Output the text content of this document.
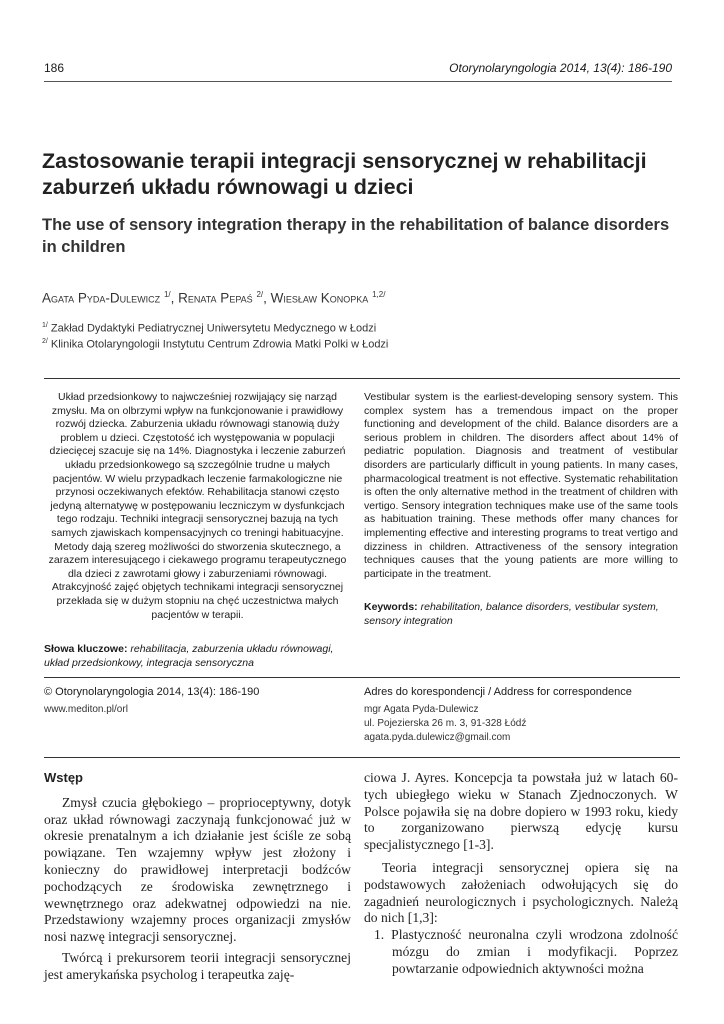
186	Otorynolaryngologia 2014, 13(4): 186-190
Zastosowanie terapii integracji sensorycznej w rehabilitacji zaburzeń układu równowagi u dzieci
The use of sensory integration therapy in the rehabilitation of balance disorders in children
Agata Pyda-Dulewicz $^{1/}$, Renata Pepaś $^{2/}$, Wiesław Konopka $^{1,2/}$
$^{1/}$ Zakład Dydaktyki Pediatrycznej Uniwersytetu Medycznego w Łodzi
$^{2/}$ Klinika Otolaryngologii Instytutu Centrum Zdrowia Matki Polki w Łodzi

Układ przedsionkowy to najwcześniej rozwijający się narząd zmysłu. Ma on olbrzymi wpływ na funkcjonowanie i prawidłowy rozwój dziecka. Zaburzenia układu równowagi stanowią duży problem u dzieci. Częstotość ich występowania w populacji dziecięcej szacuje się na 14%. Diagnostyka i leczenie zaburzeń układu przedsionkowego są szczególnie trudne u małych pacjentów. W wielu przypadkach leczenie farmakologiczne nie przynosi oczekiwanych efektów. Rehabilitacja stanowi często jedyną alternatywę w postępowaniu leczniczym w dysfunkcjach tego rodzaju. Techniki integracji sensorycznej bazują na tych samych zjawiskach kompensacyjnych co treningi habituacyjne. Metody dają szereg możliwości do stworzenia skutecznego, a zarazem interesującego i ciekawego programu terapeutycznego dla dzieci z zawrotami głowy i zaburzeniami równowagi. Atrakcyjność zajęć objętych technikami integracji sensorycznej przekłada się w dużym stopniu na chęć uczestnictwa małych pacjentów w terapii.

Słowa kluczowe: rehabilitacja, zaburzenia układu równowagi, układ przedsionkowy, integracja sensoryczna

Vestibular system is the earliest-developing sensory system. This complex system has a tremendous impact on the proper functioning and development of the child. Balance disorders are a serious problem in children. The disorders affect about 14% of pediatric population. Diagnosis and treatment of vestibular disorders are particularly difficult in young patients. In many cases, pharmacological treatment is not effective. Systematic rehabilitation is often the only alternative method in the treatment of children with vertigo. Sensory integration techniques make use of the same tools as habituation training. These methods offer many chances for implementing effective and interesting programs to treat vertigo and dizziness in children. Attractiveness of the sensory integration techniques causes that the young patients are more willing to participate in the treatment.

Keywords: rehabilitation, balance disorders, vestibular system, sensory integration
© Otorynolaryngologia 2014, 13(4): 186-190
www.mediton.pl/orl
Adres do korespondencji / Address for correspondence
mgr Agata Pyda-Dulewicz
ul. Pojezierska 26 m. 3, 91-328 Łódź
agata.pyda.dulewicz@gmail.com
Wstęp

Zmysł czucia głębokiego – proprioceptywny, dotyk oraz układ równowagi zaczynają funkcjonować już w okresie prenatalnym a ich działanie jest ściśle ze sobą powiązane. Ten wzajemny wpływ jest złożony i konieczny do prawidłowej interpretacji bodźców pochodzących ze środowiska zewnętrznego i wewnętrznego oraz adekwatnej odpowiedzi na nie. Przedstawiony wzajemny proces organizacji zmysłów nosi nazwę integracji sensorycznej.

Twórcą i prekursorem teorii integracji sensorycznej jest amerykańska psycholog i terapeutka zaję-

ciowa J. Ayres. Koncepcja ta powstała już w latach 60-tych ubiegłego wieku w Stanach Zjednoczonych. W Polsce pojawiła się na dobre dopiero w 1993 roku, kiedy to zorganizowano pierwszą edycję kursu specjalistycznego [1-3].

Teoria integracji sensorycznej opiera się na podstawowych założeniach odwołujących się do zagadnień neurologicznych i psychologicznych. Należą do nich [1,3]:

1. Plastyczność neuronalna czyli wrodzona zdolność mózgu do zmian i modyfikacji. Poprzez powtarzanie odpowiednich aktywności można
